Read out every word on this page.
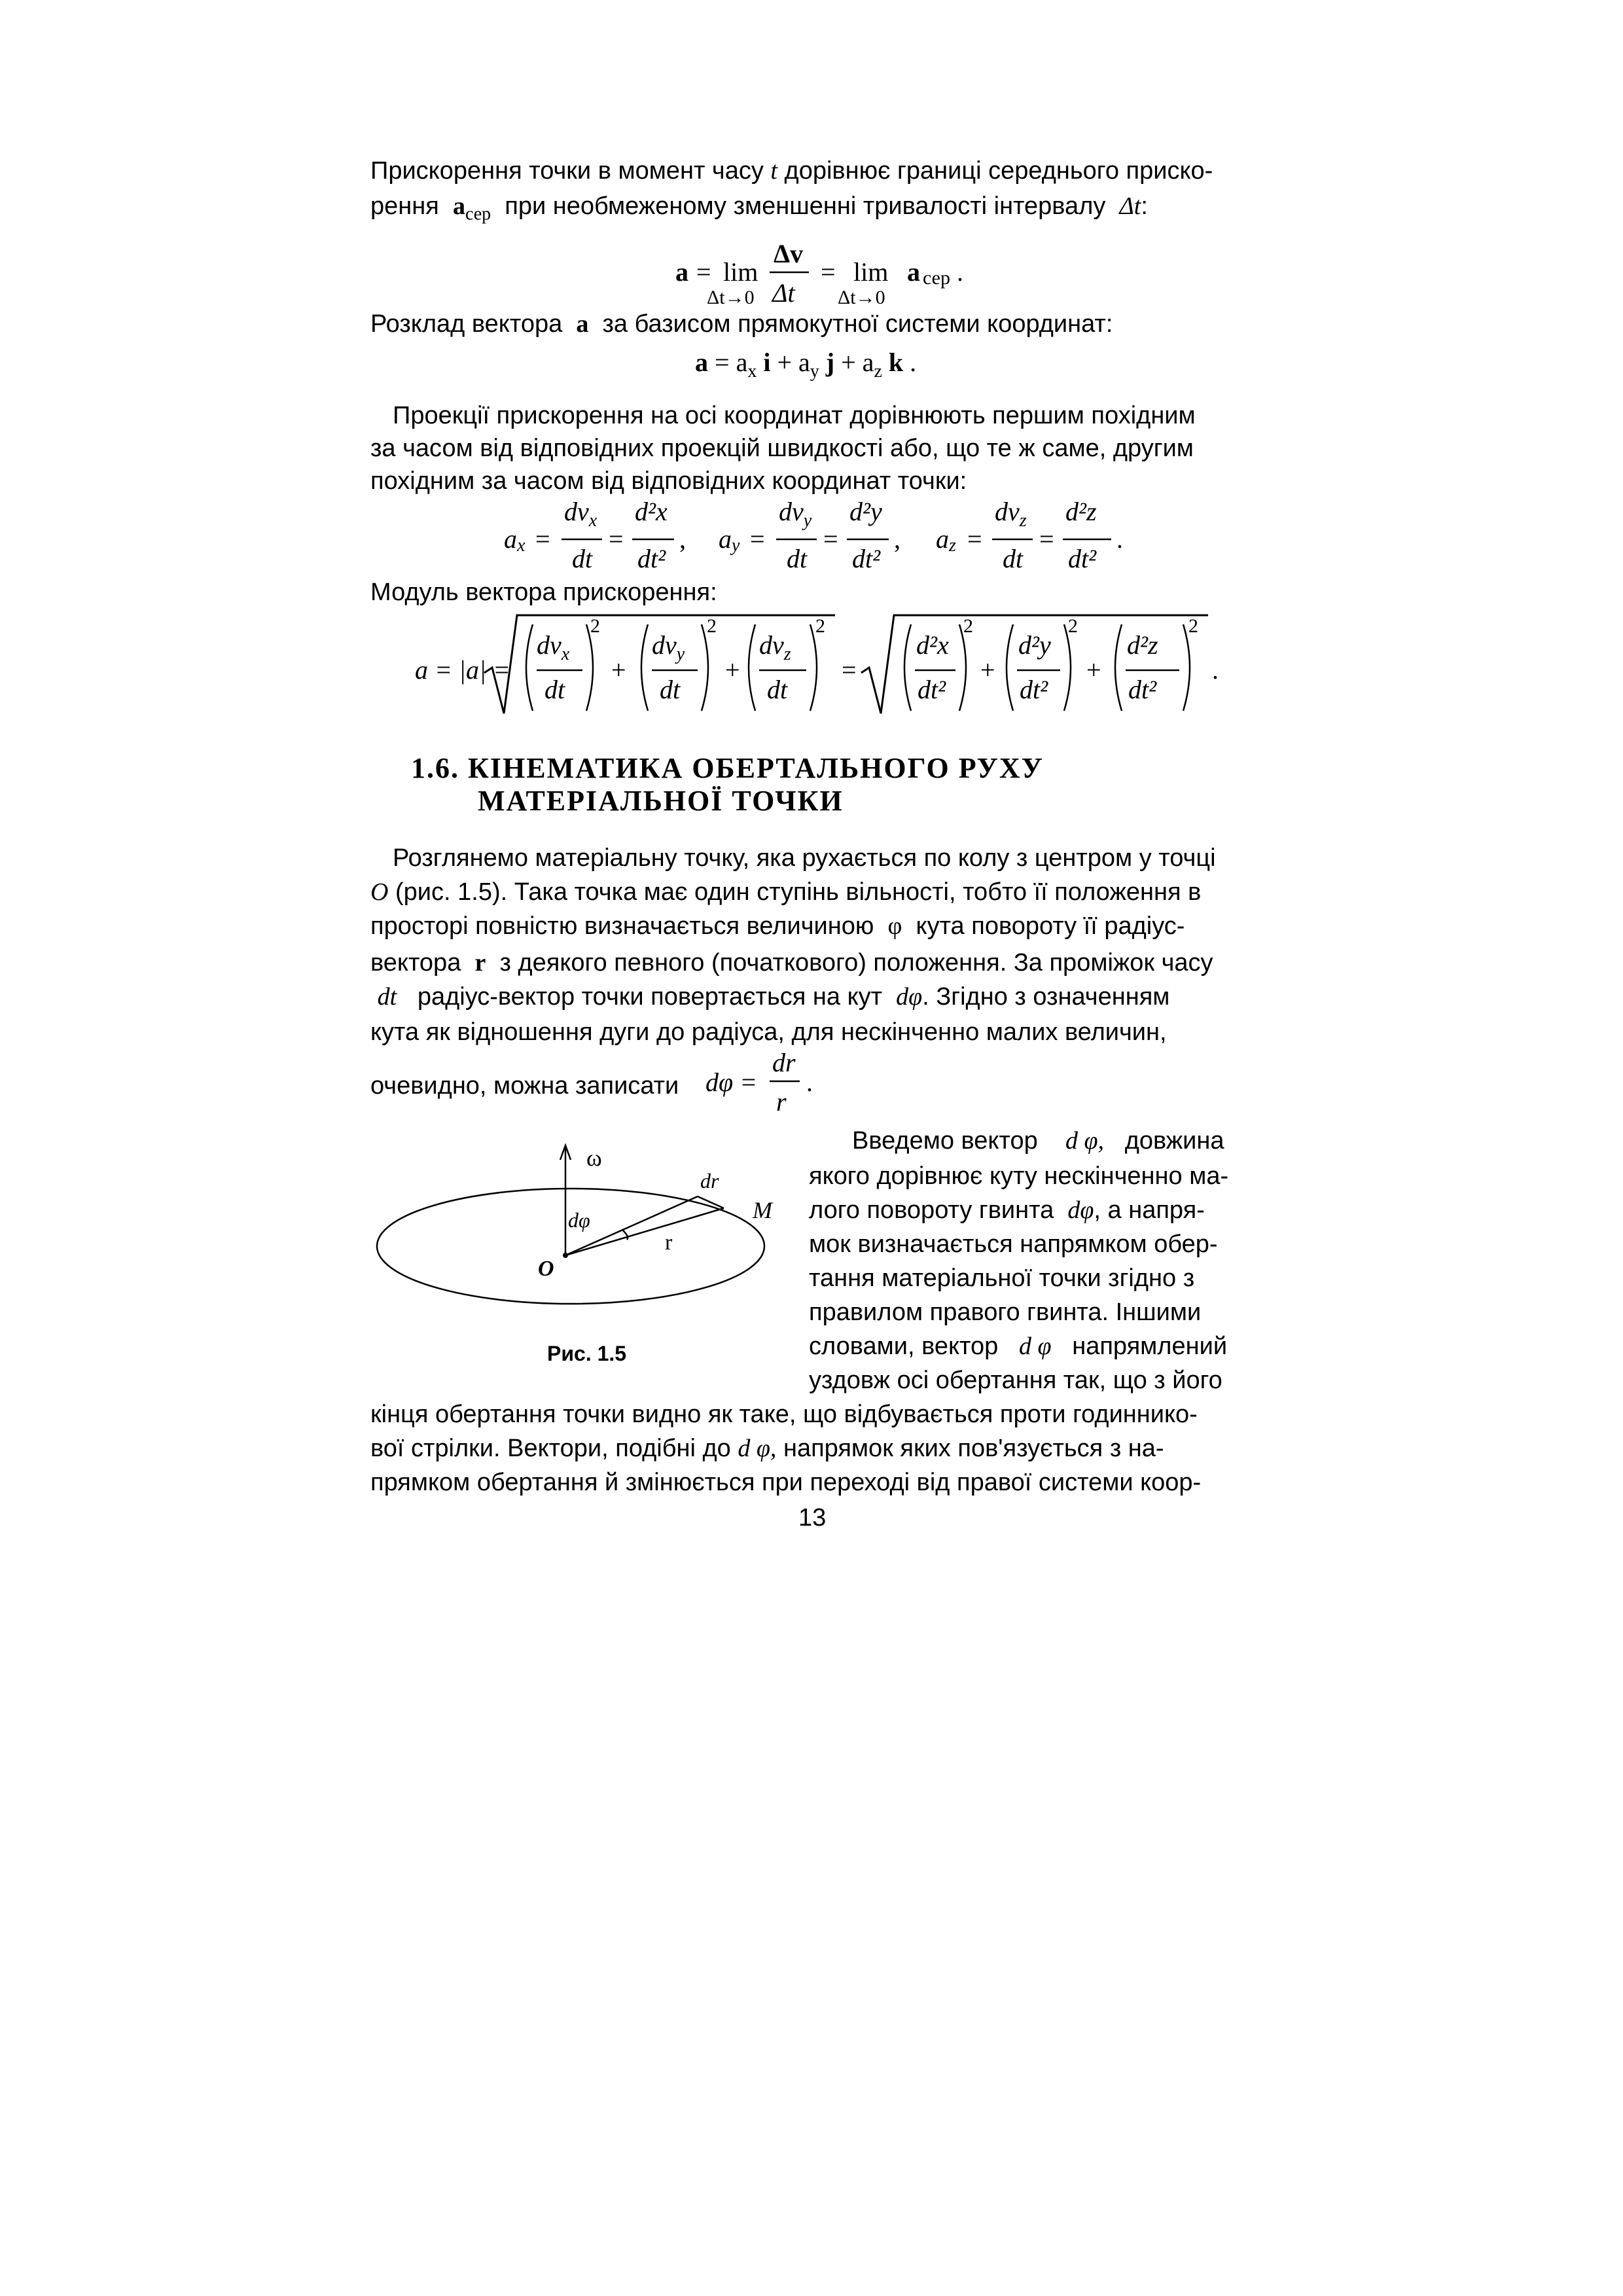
Прискорення точки в момент часу t дорівнює границі середнього приско-
рення $a_{сер}$ при необмеженому зменшенні тривалості інтервалу Δt:
a = lim
Δt→0
Δv
Δt
= lim
Δt→0
a сер .
Розклад вектора a за базисом прямокутної системи координат:
$a = a_x$ $i + a_y$ $j + a_z$ k .
Проекції прискорення на осі координат дорівнюють першим похідним
за часом від відповідних проекцій швидкості або, що те ж саме, другим
похідним за часом від відповідних координат точки:
a x =
$dv_x$
dt
=
d²x
dt²
, a y =
$dv_y$
dt
=
d²y
dt²
, a z =
$dv_z$
dt
=
d²z
dt²
.
Модуль вектора прискорення:
a = |a| =
$dv_x$
dt
2
+
$dv_y$
dt
2
+
$dv_z$
dt
2
=
d²x
dt²
2
+
d²y
dt²
2
+
d²z
dt²
2
.
1.6. КІНЕМАТИКА ОБЕРТАЛЬНОГО РУХУ
МАТЕРІАЛЬНОЇ ТОЧКИ
Розглянемо матеріальну точку, яка рухається по колу з центром у точці
O (рис. 1.5). Така точка має один ступінь вільності, тобто її положення в
просторі повністю визначається величиною φ кута повороту її радіус-
вектора r з деякого певного (початкового) положення. За проміжок часу
dt радіус-вектор точки повертається на кут dφ. Згідно з означенням
кута як відношення дуги до радіуса, для нескінченно малих величин,
очевидно, можна записати dφ =
dr
r
.
Введемо вектор d φ, довжина
якого дорівнює куту нескінченно ма-
лого повороту гвинта dφ, а напря-
мок визначається напрямком обер-
тання матеріальної точки згідно з
правилом правого гвинта. Іншими
словами, вектор d φ напрямлений
уздовж осі обертання так, що з його
кінця обертання точки видно як таке, що відбувається проти годиннико-
вої стрілки. Вектори, подібні до d φ, напрямок яких пов'язується з на-
прямком обертання й змінюється при переході від правої системи коор-
ω
dφ
dr
M
r
O
Рис. 1.5
13
